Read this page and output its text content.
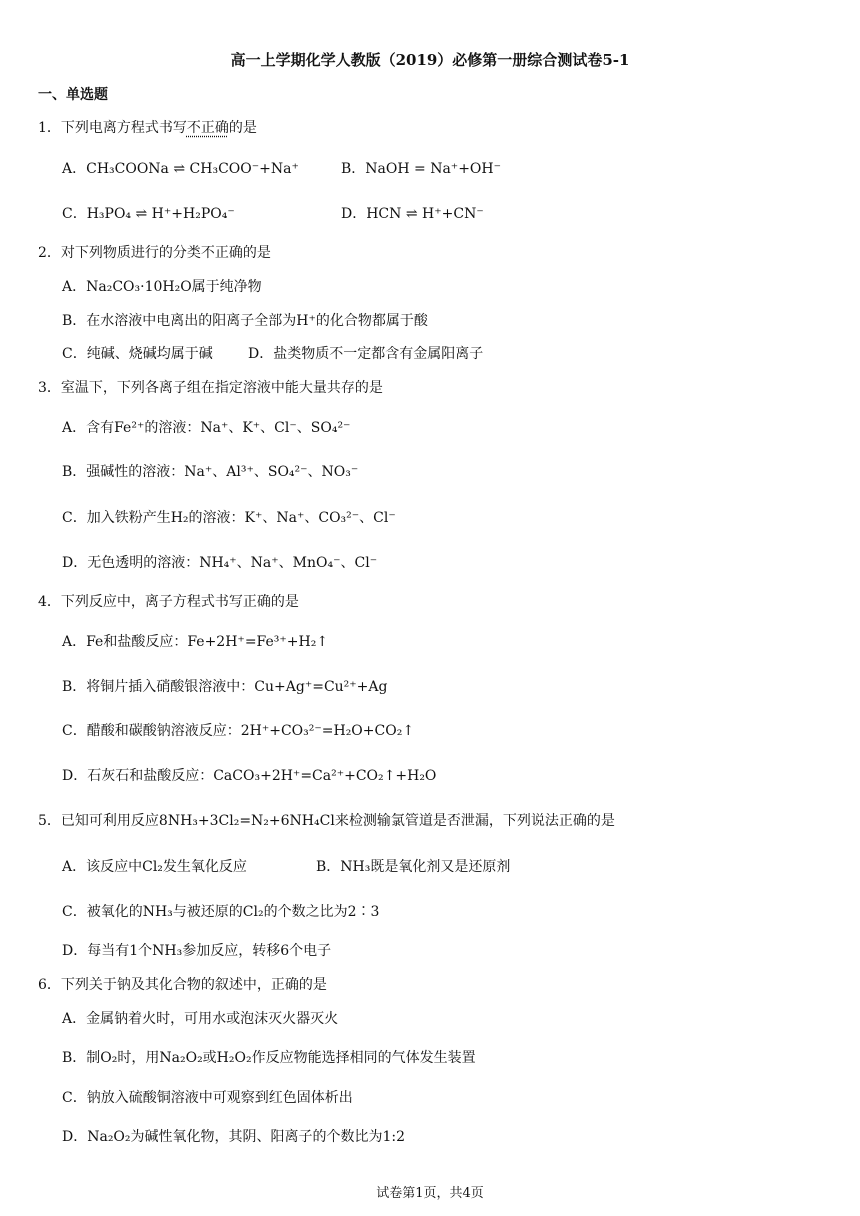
高一上学期化学人教版（2019）必修第一册综合测试卷5-1
一、单选题
1．下列电离方程式书写不正确的是
A．CH₃COONa ⇌ CH₃COO⁻+Na⁺	B．NaOH = Na⁺+OH⁻
C．H₃PO₄ ⇌ H⁺+H₂PO₄⁻	D．HCN ⇌ H⁺+CN⁻
2．对下列物质进行的分类不正确的是
A．Na₂CO₃·10H₂O属于纯净物
B．在水溶液中电离出的阳离子全部为H⁺的化合物都属于酸
C．纯碱、烧碱均属于碱	D．盐类物质不一定都含有金属阳离子
3．室温下，下列各离子组在指定溶液中能大量共存的是
A．含有Fe²⁺的溶液：Na⁺、K⁺、Cl⁻、SO₄²⁻
B．强碱性的溶液：Na⁺、Al³⁺、SO₄²⁻、NO₃⁻
C．加入铁粉产生H₂的溶液：K⁺、Na⁺、CO₃²⁻、Cl⁻
D．无色透明的溶液：NH₄⁺、Na⁺、MnO₄⁻、Cl⁻
4．下列反应中，离子方程式书写正确的是
A．Fe和盐酸反应：Fe+2H⁺=Fe³⁺+H₂↑
B．将铜片插入硝酸银溶液中：Cu+Ag⁺=Cu²⁺+Ag
C．醋酸和碳酸钠溶液反应：2H⁺+CO₃²⁻=H₂O+CO₂↑
D．石灰石和盐酸反应：CaCO₃+2H⁺=Ca²⁺+CO₂↑+H₂O
5．已知可利用反应8NH₃+3Cl₂=N₂+6NH₄Cl来检测输氯管道是否泄漏，下列说法正确的是
A．该反应中Cl₂发生氧化反应	B．NH₃既是氧化剂又是还原剂
C．被氧化的NH₃与被还原的Cl₂的个数之比为2∶3
D．每当有1个NH₃参加反应，转移6个电子
6．下列关于钠及其化合物的叙述中，正确的是
A．金属钠着火时，可用水或泡沫灭火器灭火
B．制O₂时，用Na₂O₂或H₂O₂作反应物能选择相同的气体发生装置
C．钠放入硫酸铜溶液中可观察到红色固体析出
D．Na₂O₂为碱性氧化物，其阴、阳离子的个数比为1:2
试卷第1页，共4页
